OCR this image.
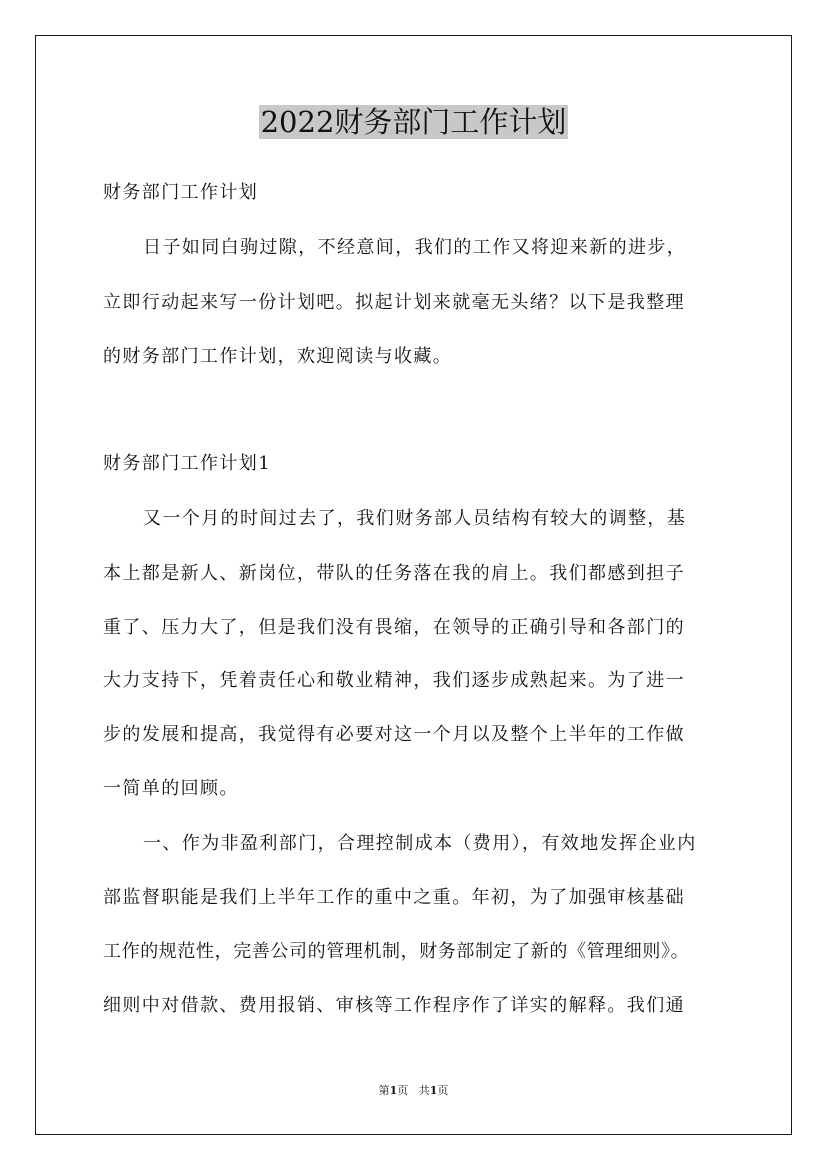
2022财务部门工作计划
财务部门工作计划
日子如同白驹过隙，不经意间，我们的工作又将迎来新的进步，
立即行动起来写一份计划吧。拟起计划来就毫无头绪？以下是我整理
的财务部门工作计划，欢迎阅读与收藏。
财务部门工作计划1
又一个月的时间过去了，我们财务部人员结构有较大的调整，基
本上都是新人、新岗位，带队的任务落在我的肩上。我们都感到担子
重了、压力大了，但是我们没有畏缩，在领导的正确引导和各部门的
大力支持下，凭着责任心和敬业精神，我们逐步成熟起来。为了进一
步的发展和提高，我觉得有必要对这一个月以及整个上半年的工作做
一简单的回顾。
一、作为非盈利部门，合理控制成本（费用），有效地发挥企业内
部监督职能是我们上半年工作的重中之重。年初，为了加强审核基础
工作的规范性，完善公司的管理机制，财务部制定了新的《管理细则》。
细则中对借款、费用报销、审核等工作程序作了详实的解释。我们通
第1页 共1页
